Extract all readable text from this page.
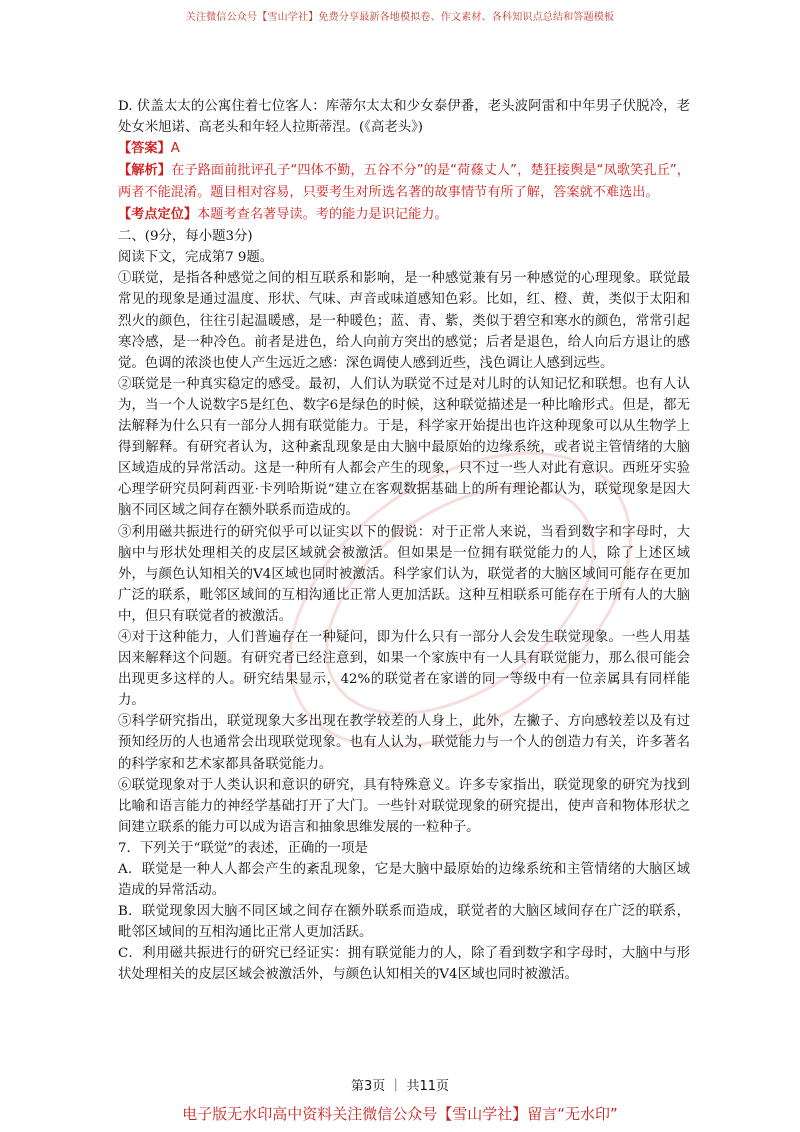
关注微信公众号【雪山学社】免费分享最新各地模拟卷、作文素材、各科知识点总结和答题模板

D. 伏盖太太的公寓住着七位客人：库蒂尔太太和少女泰伊番，老头波阿雷和中年男子伏脱冷，老处女米旭诺、高老头和年轻人拉斯蒂涅。(《高老头》)

【答案】A

【解析】在子路面前批评孔子“四体不勤，五谷不分”的是“荷蓧丈人”，楚狂接舆是“凤歌笑孔丘”，两者不能混淆。题目相对容易，只要考生对所选名著的故事情节有所了解，答案就不难选出。

【考点定位】本题考查名著导读。考的能力是识记能力。

二、(9分，每小题3分)

阅读下文，完成第7 9题。

①联觉，是指各种感觉之间的相互联系和影响，是一种感觉兼有另一种感觉的心理现象。联觉最常见的现象是通过温度、形状、气味、声音或味道感知色彩。比如，红、橙、黄，类似于太阳和烈火的颜色，往往引起温暖感，是一种暖色；蓝、青、紫，类似于碧空和寒水的颜色，常常引起寒冷感，是一种冷色。前者是进色，给人向前方突出的感觉；后者是退色，给人向后方退让的感觉。色调的浓淡也使人产生远近之感：深色调使人感到近些，浅色调让人感到远些。

②联觉是一种真实稳定的感受。最初，人们认为联觉不过是对儿时的认知记忆和联想。也有人认为，当一个人说数字5是红色、数字6是绿色的时候，这种联觉描述是一种比喻形式。但是，都无法解释为什么只有一部分人拥有联觉能力。于是，科学家开始提出也许这种现象可以从生物学上得到解释。有研究者认为，这种紊乱现象是由大脑中最原始的边缘系统，或者说主管情绪的大脑区域造成的异常活动。这是一种所有人都会产生的现象，只不过一些人对此有意识。西班牙实验心理学研究员阿莉西亚·卡列哈斯说“建立在客观数据基础上的所有理论都认为，联觉现象是因大脑不同区域之间存在额外联系而造成的。

③利用磁共振进行的研究似乎可以证实以下的假说：对于正常人来说，当看到数字和字母时，大脑中与形状处理相关的皮层区域就会被激活。但如果是一位拥有联觉能力的人，除了上述区域外，与颜色认知相关的V4区域也同时被激活。科学家们认为，联觉者的大脑区域间可能存在更加广泛的联系，毗邻区域间的互相沟通比正常人更加活跃。这种互相联系可能存在于所有人的大脑中，但只有联觉者的被激活。

④对于这种能力，人们普遍存在一种疑问，即为什么只有一部分人会发生联觉现象。一些人用基因来解释这个问题。有研究者已经注意到，如果一个家族中有一人具有联觉能力，那么很可能会出现更多这样的人。研究结果显示，42%的联觉者在家谱的同一等级中有一位亲属具有同样能力。

⑤科学研究指出，联觉现象大多出现在教学较差的人身上，此外，左撇子、方向感较差以及有过预知经历的人也通常会出现联觉现象。也有人认为，联觉能力与一个人的创造力有关，许多著名的科学家和艺术家都具备联觉能力。

⑥联觉现象对于人类认识和意识的研究，具有特殊意义。许多专家指出，联觉现象的研究为找到比喻和语言能力的神经学基础打开了大门。一些针对联觉现象的研究提出，使声音和物体形状之间建立联系的能力可以成为语言和抽象思维发展的一粒种子。

7．下列关于“联觉”的表述，正确的一项是

A．联觉是一种人人都会产生的紊乱现象，它是大脑中最原始的边缘系统和主管情绪的大脑区域造成的异常活动。

B．联觉现象因大脑不同区域之间存在额外联系而造成，联觉者的大脑区域间存在广泛的联系，毗邻区域间的互相沟通比正常人更加活跃。

C．利用磁共振进行的研究已经证实：拥有联觉能力的人，除了看到数字和字母时，大脑中与形状处理相关的皮层区域会被激活外，与颜色认知相关的V4区域也同时被激活。

第3页 ｜ 共11页
电子版无水印高中资料关注微信公众号【雪山学社】留言“无水印”
